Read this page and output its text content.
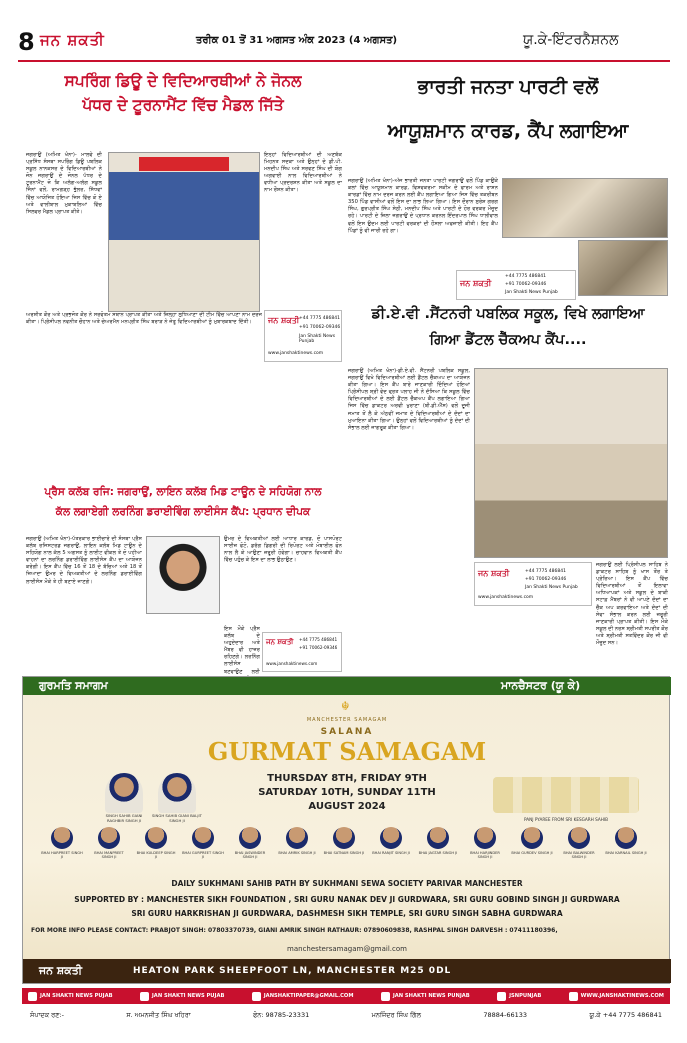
8 ਜਨ ਸ਼ਕਤੀ	ਤਰੀਕ 01 ਤੋਂ 31 ਅਗਸਤ ਅੰਕ 2023 (4 ਅਗਸਤ)	ਯੂ.ਕੇ-ਇੰਟਰਨੈਸ਼ਨਲ
ਸਪਰਿੰਗ ਡਿਊ ਦੇ ਵਿਦਿਆਰਥੀਆਂ ਨੇ ਜੋਨਲ
ਪੱਧਰ ਦੇ ਟੂਰਨਾਮੈਂਟ ਵਿੱਚ ਮੈਡਲ ਜਿੱਤੇ
ਜਗਰਾਉਂ (ਅਮਿਤ ਖੰਨਾ)- ਮਾਲਵੇ ਦੀ ਪ੍ਰਸਿੱਧ ਸੰਸਥਾ ਸਪਰਿੰਗ ਡਿਊ ਪਬਲਿਕ ਸਕੂਲ ਨਾਨਕਸਰ ਦੇ ਵਿਦਿਆਰਥੀਆਂ ਨੇ ਜੋਨ ਜਗਰਾਉਂ ਦੇ ਜੋਨਲ ਪੱਧਰ ਦੇ ਟੂਰਨਾਮੈਂਟ ਜੋ ਕਿ ਅਲੱਗ-ਅਲੱਗ ਸਕੂਲ ਜਿੰਨਾਂ ਵਲੋਂ, ਰਾਮਗੜ੍ਹ ਭੁੱਲਰ, ਸਿੱਧਵਾਂ ਵਿੱਚ ਆਯੋਜਿਤ ਹੋਇਆ ਜਿਸ ਵਿੱਚ ਕੋ ਏ ਅਤੇ ਵਾਲੀਬਾਲ ਮੁਕਾਬਲਿਆਂ ਵਿੱਚ ਸਿਲਵਰ ਮੈਡਲ ਪ੍ਰਾਪਤ ਕੀਤੇ।
ਜਨ ਸ਼ਕਤੀ +44 7775 486841
+91 70062-09346
Jan Shakti News Punjab
www.janshaktinews.com
ਅਰਸ਼ੀਤ ਕੌਰ ਅਤੇ ਪ੍ਰਭਜੋਤ ਕੌਰ ਨੇ ਸਰਵੋਤਮ ਸਥਾਨ ਪ੍ਰਾਪਤ ਕੀਤਾ ਅਤੇ ਜ਼ਿਲ੍ਹਾ ਲੁਧਿਆਣਾ ਦੀ ਟੀਮ ਵਿੱਚ ਆਪਣਾ ਨਾਮ ਦਰਜ ਕੀਤਾ। ਪ੍ਰਿੰਸੀਪਲ ਨਵਨੀਤ ਚੌਹਾਨ ਅਤੇ ਚੇਅਰਮੈਨ ਮਨਪ੍ਰੀਤ ਸਿੰਘ ਬਰਾੜ ਨੇ ਜੇਤੂ ਵਿਦਿਆਰਥੀਆਂ ਨੂੰ ਮੁਬਾਰਕਬਾਦ ਦਿੱਤੀ।
ਇਨ੍ਹਾਂ ਵਿਦਿਆਰਥੀਆਂ ਦੀ ਅਣਥੱਕ ਮਿਹਨਤ ਸਦਕਾ ਅਤੇ ਉਨ੍ਹਾਂ ਦੇ ਡੀ.ਪੀ. ਮਨਦੀਪ ਸਿੰਘ ਅਤੇ ਸਰਵਣ ਸਿੰਘ ਦੀ ਯੋਗ ਅਗਵਾਈ ਨਾਲ ਵਿਦਿਆਰਥੀਆਂ ਨੇ ਵਧੀਆ ਪ੍ਰਦਰਸ਼ਨ ਕੀਤਾ ਅਤੇ ਸਕੂਲ ਦਾ ਨਾਮ ਰੌਸ਼ਨ ਕੀਤਾ।
ਭਾਰਤੀ ਜਨਤਾ ਪਾਰਟੀ ਵਲੋਂ
ਆਯੂਸ਼ਮਾਨ ਕਾਰਡ, ਕੈਂਪ ਲਗਾਇਆ
ਜਗਰਾਉਂ (ਅਮਿਤ ਖੰਨਾ)-ਅੱਜ ਭਾਰਤੀ ਜਨਤਾ ਪਾਰਟੀ ਜਗਰਾਉਂ ਵਲੋਂ ਪਿੰਡ ਕਾਉਂਕੇ ਕਲਾਂ ਵਿੱਚ ਆਯੂਸ਼ਮਾਨ ਕਾਰਡ, ਵਿਸ਼ਵਕਰਮਾ ਸਕੀਮ ਦੇ ਫਾਰਮ ਅਤੇ ਰਾਸ਼ਨ ਕਾਰਡਾਂ ਵਿੱਚ ਨਾਮ ਦਰਜ ਕਰਨ ਲਈ ਕੈਂਪ ਲਗਾਇਆ ਗਿਆ ਜਿਸ ਵਿੱਚ ਤਕਰੀਬਨ 350 ਪਿੰਡ ਵਾਸੀਆਂ ਵਲੋਂ ਇਸ ਦਾ ਲਾਭ ਲਿਆ ਗਿਆ। ਇਸ ਦੌਰਾਨ ਸੁਰੇਸ਼ ਗਰਗ ਸਿੰਘ, ਗੁਰਪ੍ਰੀਤ ਸਿੰਘ ਸੇਠੀ, ਮਨਦੀਪ ਸਿੰਘ ਅਤੇ ਪਾਰਟੀ ਦੇ ਹੋਰ ਵਰਕਰ ਮੌਜੂਦ ਰਹੇ। ਪਾਰਟੀ ਦੇ ਜ਼ਿਲਾ ਜਗਰਾਉਂ ਦੇ ਪ੍ਰਧਾਨ ਕਰਨਲ ਇੰਦਰਪਾਲ ਸਿੰਘ ਧਾਲੀਵਾਲ ਵਲੋਂ ਇਸ ਉਦਮ ਲਈ ਪਾਰਟੀ ਵਰਕਰਾਂ ਦੀ ਹੌਸਲਾ ਅਫਜ਼ਾਈ ਕੀਤੀ। ਇਹ ਕੈਂਪ ਪਿੰਡਾਂ ਨੂੰ ਵੀ ਜਾਰੀ ਰਹੇ ਗਾ।
ਜਨ ਸ਼ਕਤੀ
+44 7775 486841
+91 70062-09346
Jan Shakti News Punjab
ਡੀ.ਏ.ਵੀ .ਸੈਂਟਨਰੀ ਪਬਲਿਕ ਸਕੂਲ, ਵਿਖੇ ਲਗਾਇਆ
ਗਿਆ ਡੈਂਟਲ ਚੈੱਕਅਪ ਕੈਂਪ....
ਜਗਰਾਉਂ (ਅਮਿਤ ਖੰਨਾ)-ਡੀ.ਏ.ਵੀ. ਸੈਂਟਨਰੀ ਪਬਲਿਕ ਸਕੂਲ, ਜਗਰਾਉਂ ਵਿਖੇ ਵਿਦਿਆਰਥੀਆਂ ਲਈ ਡੈਂਟਲ ਚੈੱਕਅਪ ਦਾ ਆਯੋਜਨ ਕੀਤਾ ਗਿਆ। ਇਸ ਕੈਂਪ ਬਾਰੇ ਜਾਣਕਾਰੀ ਦਿੰਦਿਆਂ ਹੋਇਆਂ ਪ੍ਰਿੰਸੀਪਲ ਸ਼੍ਰੀ ਵੇਦ ਵ੍ਰਤ ਪਲਾਹ ਜੀ ਨੇ ਦੱਸਿਆ ਕਿ ਸਕੂਲ ਵਿੱਚ ਵਿਦਿਆਰਥੀਆਂ ਦੇ ਲਈ ਡੈਂਟਲ ਚੈੱਕਅਪ ਕੈਂਪ ਲਗਾਇਆ ਗਿਆ ਜਿਸ ਵਿੱਚ ਡਾਕਟਰ ਅਰਵੀ ਖੁਰਾਣਾ (ਬੀ.ਡੀ.ਐੱਸ) ਵਲੋਂ ਦੂਜੀ ਜਮਾਤ ਤੋਂ ਲੈ ਕੇ ਅੱਠਵੀਂ ਜਮਾਤ ਦੇ ਵਿਦਿਆਰਥੀਆਂ ਦੇ ਦੰਦਾਂ ਦਾ ਮੁਆਇਨਾ ਕੀਤਾ ਗਿਆ। ਉਨ੍ਹਾਂ ਵਲੋਂ ਵਿਦਿਆਰਥੀਆਂ ਨੂੰ ਦੰਦਾਂ ਦੀ ਸੰਭਾਲ ਲਈ ਜਾਗਰੂਕ ਕੀਤਾ ਗਿਆ।
ਜਨ ਸ਼ਕਤੀ	+44 7775 486841
+91 70062-09346
Jan Shakti News Punjab
www.janshaktinews.com
ਜਗਰਾਉਂ ਲਈ ਪ੍ਰਿੰਸੀਪਲ ਸਾਹਿਬ ਨੇ ਡਾਕਟਰ ਸਾਹਿਬ ਨੂੰ ਖਾਸ ਤੌਰ ਤੇ ਪ੍ਰੇਰਿਆ। ਇਸ ਕੈਂਪ ਵਿੱਚ ਵਿਦਿਆਰਥੀਆਂ ਤੋਂ ਇਲਾਵਾ ਅਧਿਆਪਕਾਂ ਅਤੇ ਸਕੂਲ ਦੇ ਬਾਕੀ ਸਟਾਫ਼ ਮੈਂਬਰਾਂ ਨੇ ਵੀ ਆਪਣੇ ਦੰਦਾਂ ਦਾ ਚੈੱਕ ਅਪ ਕਰਵਾਇਆ ਅਤੇ ਦੰਦਾਂ ਦੀ ਸੇਵਾ ਸੰਭਾਲ ਕਰਨ ਲਈ ਜ਼ਰੂਰੀ ਜਾਣਕਾਰੀ ਪ੍ਰਾਪਤ ਕੀਤੀ। ਇਸ ਮੌਕੇ ਸਕੂਲ ਦੀ ਨਰਸ ਸ਼੍ਰੀਮਤੀ ਸਪਰੀਤ ਕੌਰ ਅਤੇ ਸ਼੍ਰੀਮਤੀ ਸਤਵਿੰਦਰ ਕੌਰ ਜੀ ਵੀ ਮੌਜੂਦ ਸਨ।
ਪ੍ਰੈਸ ਕਲੱਬ ਰਜਿ: ਜਗਰਾਉਂ, ਲਾਇਨ ਕਲੱਬ ਮਿਡ ਟਾਊਨ ਦੇ ਸਹਿਯੋਗ ਨਾਲ
ਕੱਲ ਲਗਾਏਗੀ ਲਰਨਿੰਗ ਡਰਾਈਵਿੰਗ ਲਾਈਸੰਸ ਕੈਂਪ: ਪ੍ਰਧਾਨ ਦੀਪਕ
ਜਗਰਾਉਂ (ਅਮਿਤ ਖੰਨਾ)-ਪੱਤਰਕਾਰ ਭਾਈਚਾਰੇ ਦੀ ਸੰਸਥਾ ਪ੍ਰੈਸ ਕਲੱਬ ਰਜਿਸਟਰਡ ਜਗਰਾਉਂ, ਲਾਇਨ ਕਲੱਬ ਮਿਡ ਟਾਊਨ ਦੇ ਸਹਿਯੋਗ ਨਾਲ ਕੱਲ 5 ਅਗਸਤ ਨੂੰ ਲਾਈਟ ਵੀਕਲ ਤੇ ਦੋ ਪਹੀਆ ਵਾਹਨਾਂ ਦਾ ਲਰਨਿੰਗ ਡਰਾਈਵਿੰਗ ਲਾਈਸੰਸ ਕੈਂਪ ਦਾ ਆਯੋਜਨ ਕਰੇਗੀ। ਇਸ ਕੈਂਪ ਵਿੱਚ 16 ਤੋਂ 18 ਦੇ ਬੱਚਿਆਂ ਅਤੇ 18 ਤੋਂ ਜ਼ਿਆਦਾ ਉਮਰ ਦੇ ਵਿਅਕਤੀਆਂ ਦੇ ਲਰਨਿੰਗ ਡਰਾਈਵਿੰਗ ਲਾਈਸੰਸ ਮੌਕੇ ਤੇ ਹੀ ਬਣਾਏ ਜਾਣਗੇ।
ਉਮਰ ਦੇ ਵਿਅਕਤੀਆਂ ਲਈ ਆਧਾਰ ਕਾਰਡ, ਦੋ ਪਾਸਪੋਰਟ ਸਾਈਜ਼ ਫੋਟੋ, ਡਰੱਗ ਡਿਗਰੀ ਦੀ ਰਿਪੋਰਟ ਅਤੇ ਮੋਬਾਈਲ ਫੋਨ ਨਾਲ ਲੈ ਕੇ ਆਉਣਾ ਜ਼ਰੂਰੀ ਹੋਵੇਗਾ। ਚਾਹਵਾਨ ਵਿਅਕਤੀ ਕੈਂਪ ਵਿੱਚ ਪਹੁੰਚ ਕੇ ਇਸ ਦਾ ਲਾਭ ਉਠਾਉਣ।
ਜਨ ਸ਼ਕਤੀ +44 7775 486841
+91 70062-09346
www.janshaktinews.com
ਇਸ ਮੌਕੇ ਪ੍ਰੈਸ ਕਲੱਬ ਦੇ ਅਹੁਦੇਦਾਰ ਅਤੇ ਮੈਂਬਰ ਵੀ ਹਾਜ਼ਰ ਰਹਿਣਗੇ। ਲਰਨਿੰਗ ਲਾਈਸੰਸ ਬਣਵਾਉਣ ਲਈ
ਗੁਰਮਤਿ ਸਮਾਗਮ	ਮਾਨਚੈਸਟਰ (ਯੂ ਕੇ)
☬
MANCHESTER SAMAGAM
SALANA
GURMAT SAMAGAM
THURSDAY 8TH, FRIDAY 9TH
SATURDAY 10TH, SUNDAY 11TH
AUGUST 2024
SINGH SAHIB GIANI RAGHBIR SINGH JI
SINGH SAHIB GIANI BALJIT SINGH JI	PANJ PYAREE FROM SRI KESGARH SAHIB
BHAI HARPREET SINGH JI
BHAI MANPREET SINGH JI
BHAI KULDEEP SINGH JI
BHAI GURPREET SINGH JI
BHAI JASWINDER SINGH JI
BHAI AMRIK SINGH JI	BHAI SATNAM SINGH JI	BHAI RANJIT SINGH JI	BHAI JAGTAR SINGH JI	BHAI HARJINDER SINGH JI
BHAI GURDEV SINGH JI	BHAI BALWINDER SINGH JI
BHAI KARNAIL SINGH JI
DAILY SUKHMANI SAHIB PATH BY SUKHMANI SEWA SOCIETY PARIVAR MANCHESTER
SUPPORTED BY : MANCHESTER SIKH FOUNDATION , SRI GURU NANAK DEV JI GURDWARA, SRI GURU GOBIND SINGH JI GURDWARA
SRI GURU HARKRISHAN JI GURDWARA, DASHMESH SIKH TEMPLE, SRI GURU SINGH SABHA GURDWARA
FOR MORE INFO PLEASE CONTACT: PRABJOT SINGH: 07803370739, GIANI AMRIK SINGH RATHAUR: 07890609838, RASHPAL SINGH DARVESH : 07411180396,
manchestersamagam@gmail.com
ਜਨ ਸ਼ਕਤੀ	HEATON PARK SHEEPFOOT LN, MANCHESTER M25 0DL
JAN SHAKTI NEWS PUJAB	JAN SHAKTI NEWS PUJAB	JANSHAKTIPAPER@GMAIL.COM	JAN SHAKTI NEWS PUNJAB	JSNPUNJAB	WWW.JANSHAKTINEWS.COM
ਸੰਪਾਦਕ ਰਣ:-	ਸ. ਅਮਨਜੀਤ ਸਿੰਘ ਖਹਿਰਾ	ਫੋਨ: 98785-23331	ਮਨਜਿੰਦਰ ਸਿੰਘ ਗਿੱਲ	78884-66133	ਯੂ.ਕੇ +44 7775 486841
